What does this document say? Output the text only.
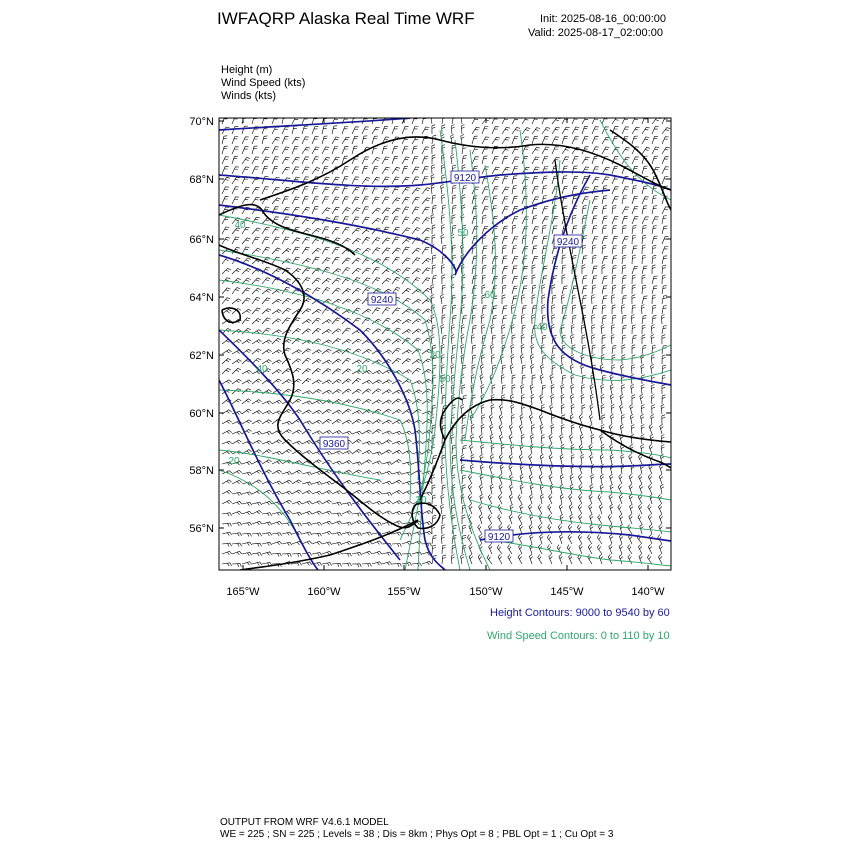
IWFAQRP Alaska Real Time WRF	Init: 2025-08-16_00:00:00
Valid: 2025-08-17_02:00:00
Height (m)
Wind Speed (kts)
Winds (kts)
70°N
68°N
66°N
64°N
62°N
60°N
58°N
56°N
165°W	160°W	155°W	150°W	145°W	140°W
9120
9240
9240
9360
9120
40
50
60
40
20
50
40	20
20
30
Height Contours: 9000 to 9540 by 60
Wind Speed Contours: 0 to 110 by 10
OUTPUT FROM WRF V4.6.1 MODEL
WE = 225 ; SN = 225 ; Levels = 38 ; Dis = 8km ; Phys Opt = 8 ; PBL Opt = 1 ; Cu Opt = 3
